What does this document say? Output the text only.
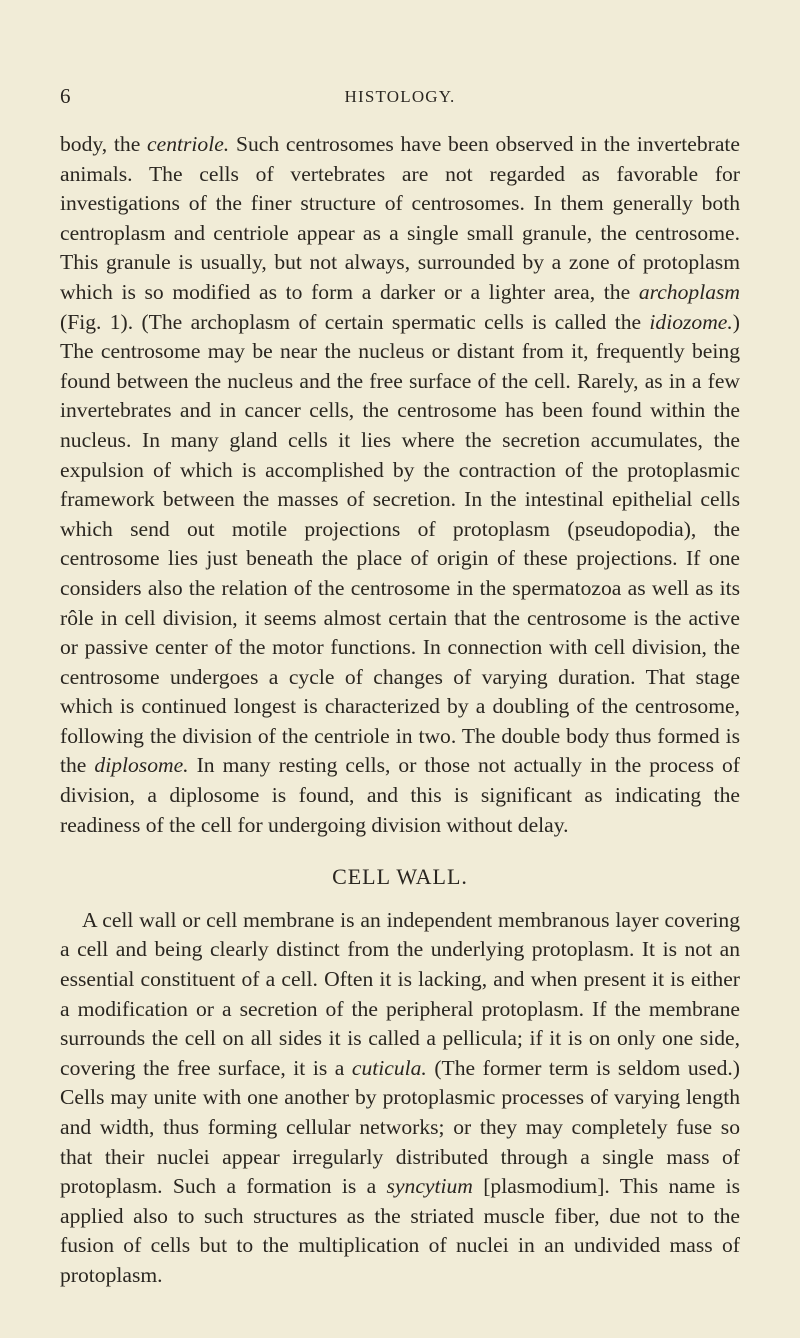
6	HISTOLOGY.

body, the centriole. Such centrosomes have been observed in the invertebrate animals. The cells of vertebrates are not regarded as favorable for investigations of the finer structure of centrosomes. In them generally both centroplasm and centriole appear as a single small granule, the centrosome. This granule is usually, but not always, surrounded by a zone of protoplasm which is so modified as to form a darker or a lighter area, the archoplasm (Fig. 1). (The archoplasm of certain spermatic cells is called the idiozome.) The centrosome may be near the nucleus or distant from it, frequently being found between the nucleus and the free surface of the cell. Rarely, as in a few invertebrates and in cancer cells, the centrosome has been found within the nucleus. In many gland cells it lies where the secretion accumulates, the expulsion of which is accomplished by the contraction of the protoplasmic framework between the masses of secretion. In the intestinal epithelial cells which send out motile projections of protoplasm (pseudopodia), the centrosome lies just beneath the place of origin of these projections. If one considers also the relation of the centrosome in the spermatozoa as well as its rôle in cell division, it seems almost certain that the centrosome is the active or passive center of the motor functions. In connection with cell division, the centrosome undergoes a cycle of changes of varying duration. That stage which is continued longest is characterized by a doubling of the centrosome, following the division of the centriole in two. The double body thus formed is the diplosome. In many resting cells, or those not actually in the process of division, a diplosome is found, and this is significant as indicating the readiness of the cell for undergoing division without delay.

CELL WALL.

A cell wall or cell membrane is an independent membranous layer covering a cell and being clearly distinct from the underlying protoplasm. It is not an essential constituent of a cell. Often it is lacking, and when present it is either a modification or a secretion of the peripheral protoplasm. If the membrane surrounds the cell on all sides it is called a pellicula; if it is on only one side, covering the free surface, it is a cuticula. (The former term is seldom used.) Cells may unite with one another by protoplasmic processes of varying length and width, thus forming cellular networks; or they may completely fuse so that their nuclei appear irregularly distributed through a single mass of protoplasm. Such a formation is a syncytium [plasmodium]. This name is applied also to such structures as the striated muscle fiber, due not to the fusion of cells but to the multiplication of nuclei in an undivided mass of protoplasm.
